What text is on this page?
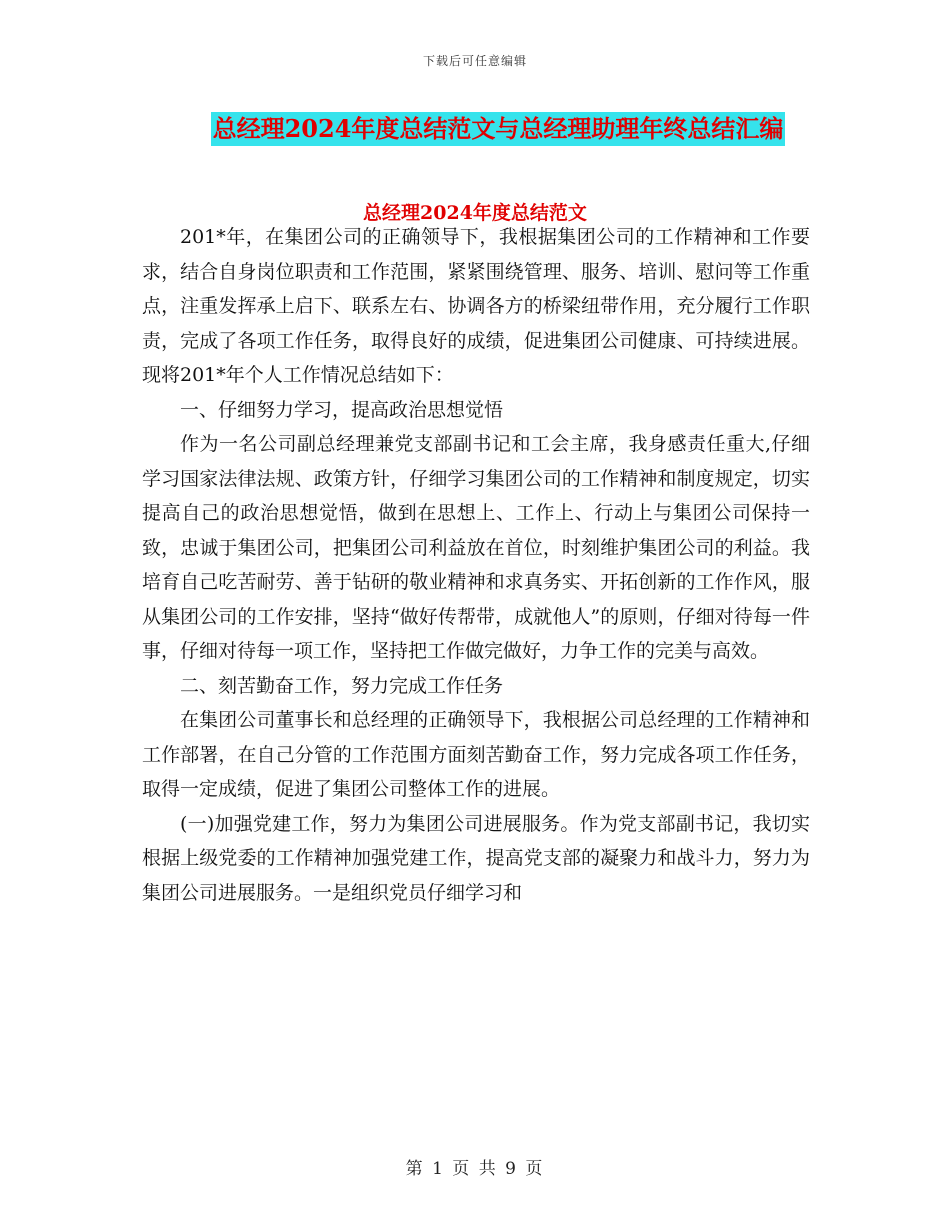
下载后可任意编辑
总经理2024年度总结范文与总经理助理年终总结汇编
总经理2024年度总结范文

201*年，在集团公司的正确领导下，我根据集团公司的工作精神和工作要求，结合自身岗位职责和工作范围，紧紧围绕管理、服务、培训、慰问等工作重点，注重发挥承上启下、联系左右、协调各方的桥梁纽带作用，充分履行工作职责，完成了各项工作任务，取得良好的成绩，促进集团公司健康、可持续进展。现将201*年个人工作情况总结如下：

一、仔细努力学习，提高政治思想觉悟

作为一名公司副总经理兼党支部副书记和工会主席，我身感责任重大,仔细学习国家法律法规、政策方针，仔细学习集团公司的工作精神和制度规定，切实提高自己的政治思想觉悟，做到在思想上、工作上、行动上与集团公司保持一致，忠诚于集团公司，把集团公司利益放在首位，时刻维护集团公司的利益。我培育自己吃苦耐劳、善于钻研的敬业精神和求真务实、开拓创新的工作作风，服从集团公司的工作安排，坚持“做好传帮带，成就他人”的原则，仔细对待每一件事，仔细对待每一项工作，坚持把工作做完做好，力争工作的完美与高效。

二、刻苦勤奋工作，努力完成工作任务

在集团公司董事长和总经理的正确领导下，我根据公司总经理的工作精神和工作部署，在自己分管的工作范围方面刻苦勤奋工作，努力完成各项工作任务，取得一定成绩，促进了集团公司整体工作的进展。

(一)加强党建工作，努力为集团公司进展服务。作为党支部副书记，我切实根据上级党委的工作精神加强党建工作，提高党支部的凝聚力和战斗力，努力为集团公司进展服务。一是组织党员仔细学习和

第 1 页 共 9 页
